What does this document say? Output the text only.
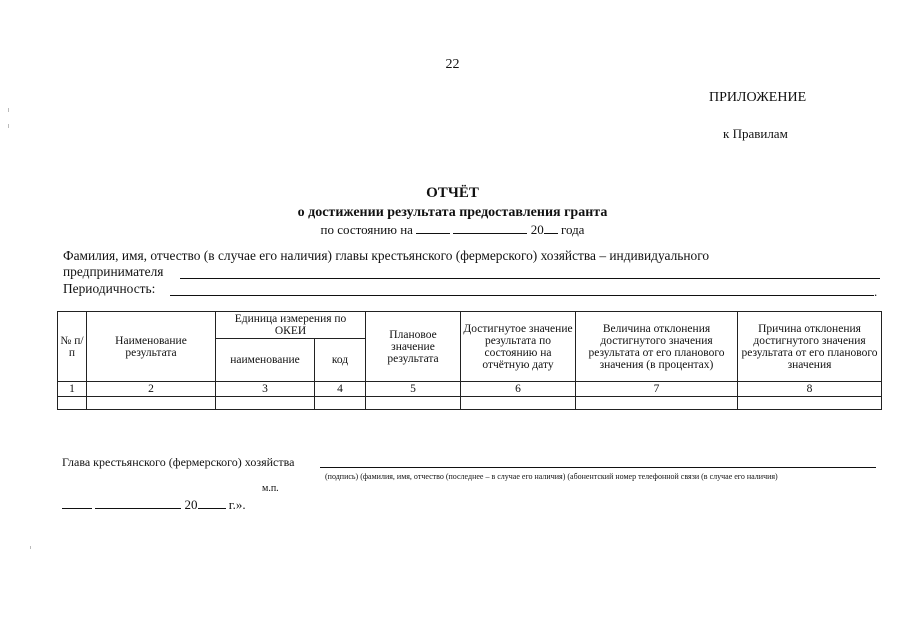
22
ПРИЛОЖЕНИЕ
к Правилам
ОТЧЁТ
о достижении результата предоставления гранта
по состоянию на	20 года
Фамилия, имя, отчество (в случае его наличия) главы крестьянского (фермерского) хозяйства – индивидуального
предпринимателя
Периодичность:	.
№ п/п	Наименование результата	Единица измерения по ОКЕИ		Плановое значение результата	Достигнутое значение результата по состоянию на отчётную дату	Величина отклонения достигнутого значения результата от его планового значения (в процентах)	Причина отклонения достигнутого значения результата от его планового значения
		наименование	код				
1	2	3	4	5	6	7	8

Глава крестьянского (фермерского) хозяйства
(подпись) (фамилия, имя, отчество (последнее – в случае его наличия) (абонентский номер телефонной связи (в случае его наличия)
м.п.
20 г.».
